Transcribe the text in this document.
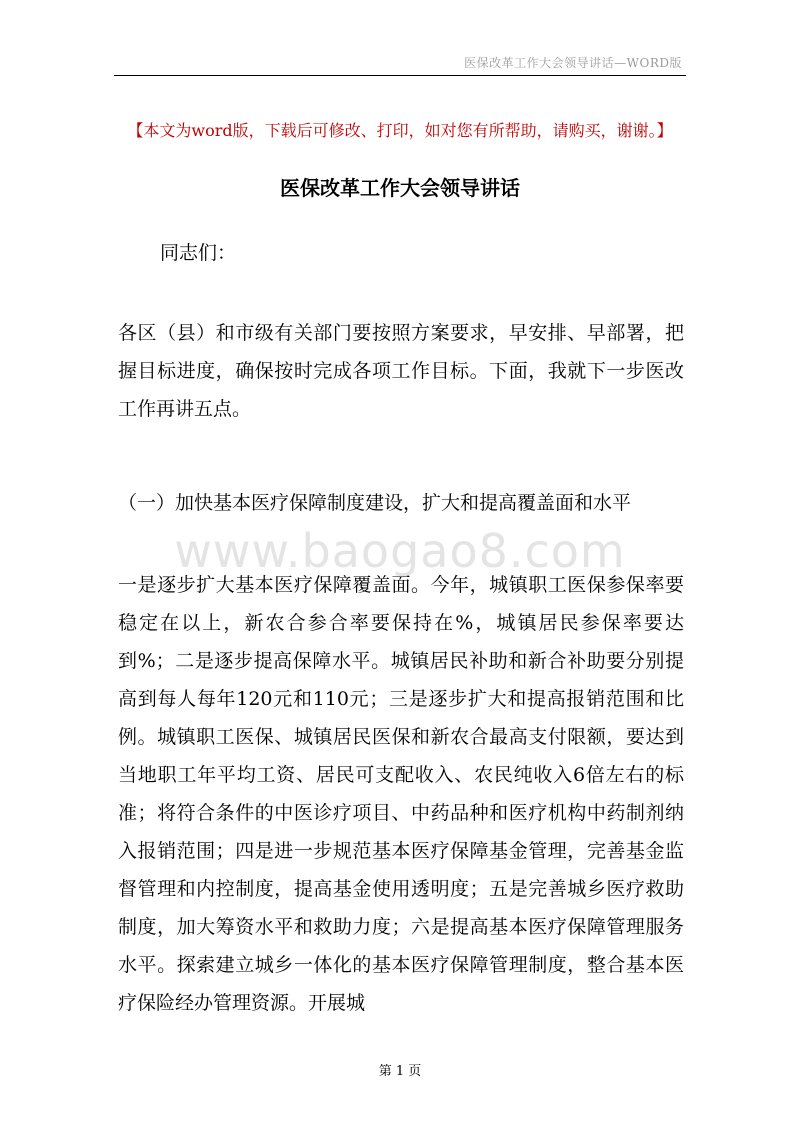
医保改革工作大会领导讲话—WORD版
【本文为word版，下载后可修改、打印，如对您有所帮助，请购买，谢谢。】
医保改革工作大会领导讲话
同志们：

各区（县）和市级有关部门要按照方案要求，早安排、早部署，把握目标进度，确保按时完成各项工作目标。下面，我就下一步医改工作再讲五点。

（一）加快基本医疗保障制度建设，扩大和提高覆盖面和水平
www.baogao8.com

一是逐步扩大基本医疗保障覆盖面。今年，城镇职工医保参保率要稳定在以上，新农合参合率要保持在%，城镇居民参保率要达到%；二是逐步提高保障水平。城镇居民补助和新合补助要分别提高到每人每年120元和110元；三是逐步扩大和提高报销范围和比例。城镇职工医保、城镇居民医保和新农合最高支付限额，要达到当地职工年平均工资、居民可支配收入、农民纯收入6倍左右的标准；将符合条件的中医诊疗项目、中药品种和医疗机构中药制剂纳入报销范围；四是进一步规范基本医疗保障基金管理，完善基金监督管理和内控制度，提高基金使用透明度；五是完善城乡医疗救助制度，加大筹资水平和救助力度；六是提高基本医疗保障管理服务水平。探索建立城乡一体化的基本医疗保障管理制度，整合基本医疗保险经办管理资源。开展城

第 1 页
